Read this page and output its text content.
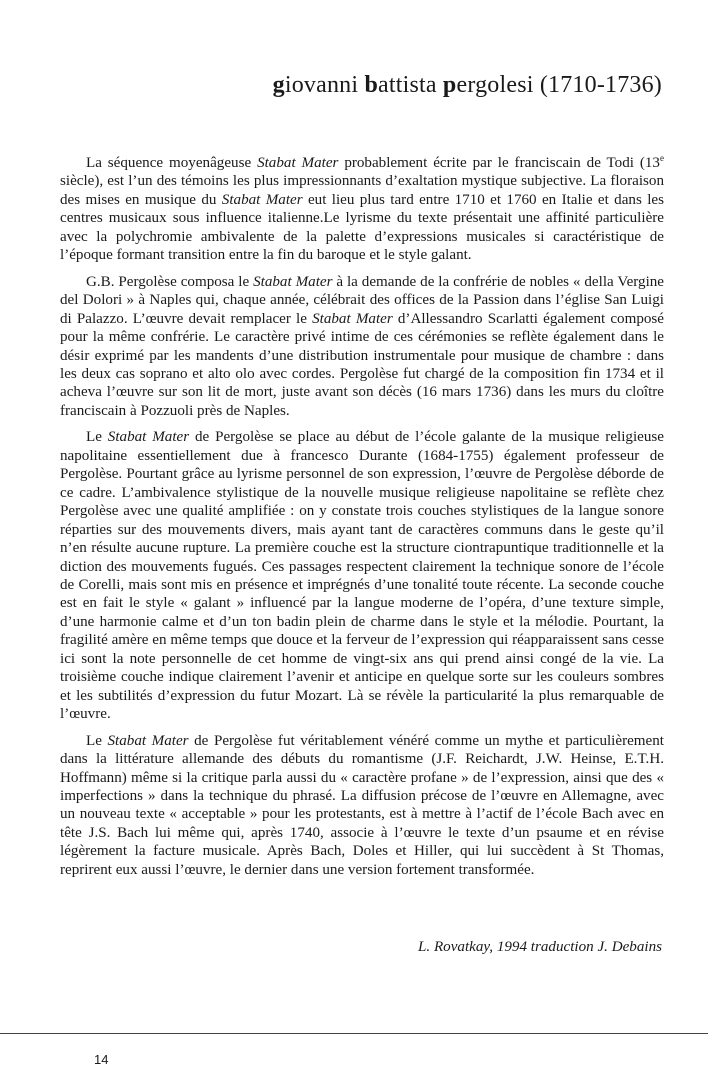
giovanni battista pergolesi (1710-1736)

La séquence moyenâgeuse Stabat Mater probablement écrite par le franciscain de Todi (13e siècle), est l’un des témoins les plus impressionnants d’exaltation mystique subjective. La floraison des mises en musique du Stabat Mater eut lieu plus tard entre 1710 et 1760 en Italie et dans les centres musicaux sous influence italienne.Le lyrisme du texte présentait une affinité particulière avec la polychromie ambivalente de la palette d’expressions musicales si caractéristique de l’époque formant transition entre la fin du baroque et le style galant.

G.B. Pergolèse composa le Stabat Mater à la demande de la confrérie de nobles « della Vergine del Dolori » à Naples qui, chaque année, célébrait des offices de la Passion dans l’église San Luigi di Palazzo. L’œuvre devait remplacer le Stabat Mater d’Allessandro Scarlatti également composé pour la même confrérie. Le caractère privé intime de ces cérémonies se reflète également dans le désir exprimé par les mandents d’une distribution instrumentale pour musique de chambre : dans les deux cas soprano et alto olo avec cordes. Pergolèse fut chargé de la composition fin 1734 et il acheva l’œuvre sur son lit de mort, juste avant son décès (16 mars 1736) dans les murs du cloître franciscain à Pozzuoli près de Naples.

Le Stabat Mater de Pergolèse se place au début de l’école galante de la musique religieuse napolitaine essentiellement due à francesco Durante (1684-1755) également professeur de Pergolèse. Pourtant grâce au lyrisme personnel de son expression, l’œuvre de Pergolèse déborde de ce cadre. L’ambivalence stylistique de la nouvelle musique religieuse napolitaine se reflète chez Pergolèse avec une qualité amplifiée : on y constate trois couches stylistiques de la langue sonore réparties sur des mouvements divers, mais ayant tant de caractères communs dans le geste qu’il n’en résulte aucune rupture. La première couche est la structure ciontrapuntique traditionnelle et la diction des mouvements fugués. Ces passages respectent clairement la technique sonore de l’école de Corelli, mais sont mis en présence et imprégnés d’une tonalité toute récente. La seconde couche est en fait le style « galant » influencé par la langue moderne de l’opéra, d’une texture simple, d’une harmonie calme et d’un ton badin plein de charme dans le style et la mélodie. Pourtant, la fragilité amère en même temps que douce et la ferveur de l’expression qui réapparaissent sans cesse ici sont la note personnelle de cet homme de vingt-six ans qui prend ainsi congé de la vie. La troisième couche indique clairement l’avenir et anticipe en quelque sorte sur les couleurs sombres et les subtilités d’expression du futur Mozart. Là se révèle la particularité la plus remarquable de l’œuvre.

Le Stabat Mater de Pergolèse fut véritablement vénéré comme un mythe et particulièrement dans la littérature allemande des débuts du romantisme (J.F. Reichardt, J.W. Heinse, E.T.H. Hoffmann) même si la critique parla aussi du « caractère profane » de l’expression, ainsi que des « imperfections » dans la technique du phrasé. La diffusion précose de l’œuvre en Allemagne, avec un nouveau texte « acceptable » pour les protestants, est à mettre à l’actif de l’école Bach avec en tête J.S. Bach lui même qui, après 1740, associe à l’œuvre le texte d’un psaume et en révise légèrement la facture musicale. Après Bach, Doles et Hiller, qui lui succèdent à St Thomas, reprirent eux aussi l’œuvre, le dernier dans une version fortement transformée.

L. Rovatkay, 1994 traduction J. Debains
14
